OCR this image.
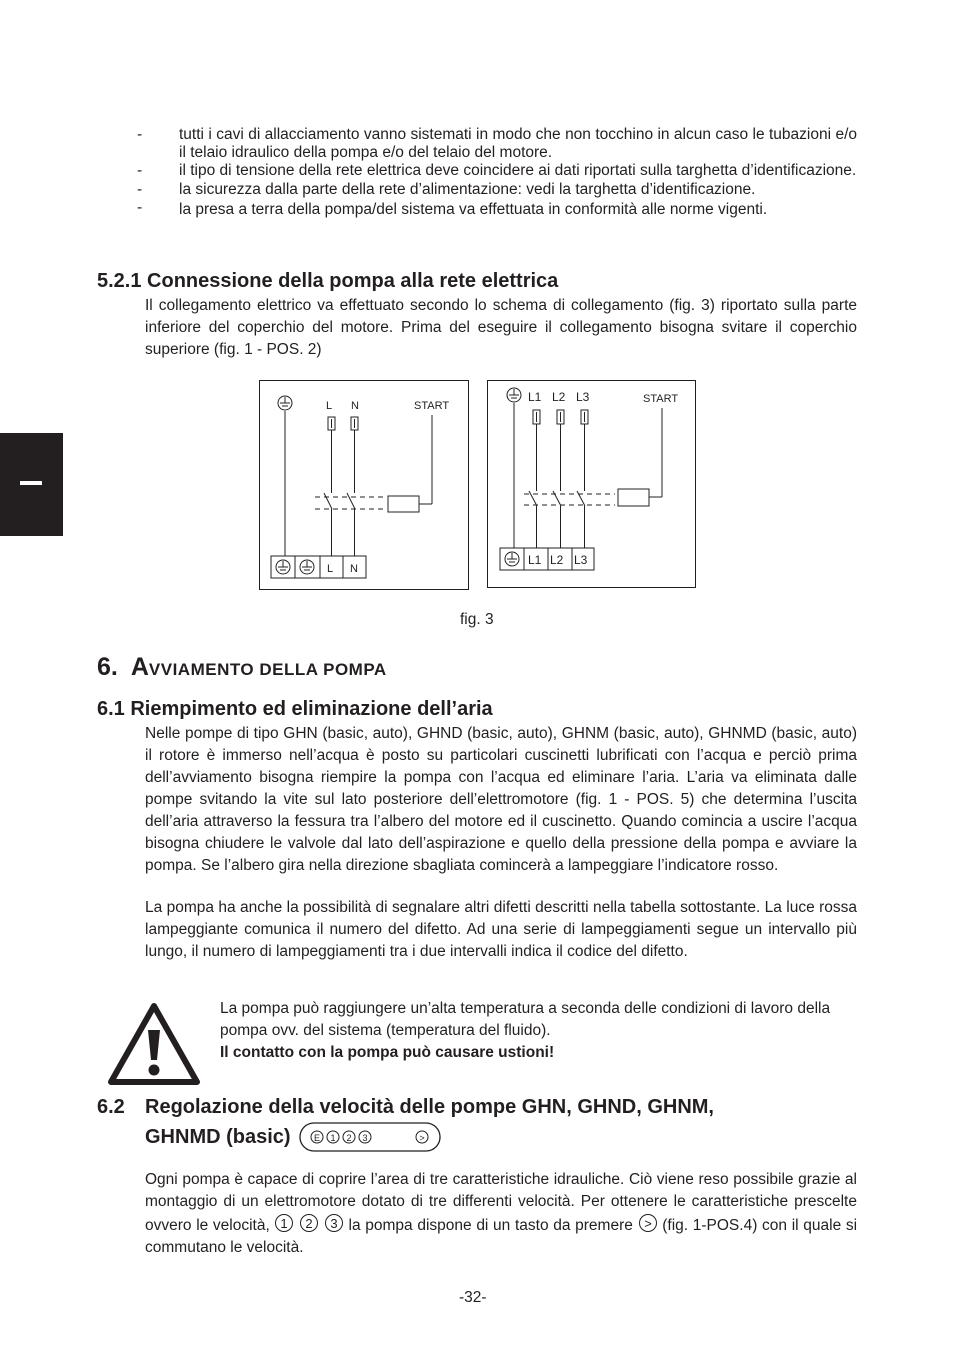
-	tutti i cavi di allacciamento vanno sistemati in modo che non tocchino in alcun caso le tubazioni e/o il telaio idraulico della pompa e/o del telaio del motore.
-	il tipo di tensione della rete elettrica deve coincidere ai dati riportati sulla targhetta d’identificazione.
-	la sicurezza dalla parte della rete d’alimentazione: vedi la targhetta d’identificazione.
-	la presa a terra della pompa/del sistema va effettuata in conformità alle norme vigenti.
5.2.1 Connessione della pompa alla rete elettrica
Il collegamento elettrico va effettuato secondo lo schema di collegamento (fig. 3) riportato sulla parte inferiore del coperchio del motore. Prima del eseguire il collegamento bisogna svitare il coperchio superiore (fig. 1 - POS. 2)
L N	START
L N
L1 L2 L3	START
L1 L2 L3
fig. 3
6. AVVIAMENTO DELLA POMPA
6.1 Riempimento ed eliminazione dell’aria
Nelle pompe di tipo GHN (basic, auto), GHND (basic, auto), GHNM (basic, auto), GHNMD (basic, auto) il rotore è immerso nell’acqua è posto su particolari cuscinetti lubrificati con l’acqua e perciò prima dell’avviamento bisogna riempire la pompa con l’acqua ed eliminare l’aria. L’aria va eliminata dalle pompe svitando la vite sul lato posteriore dell’elettromotore (fig. 1 - POS. 5) che determina l’uscita dell’aria attraverso la fessura tra l’albero del motore ed il cuscinetto. Quando comincia a uscire l’acqua bisogna chiudere le valvole dal lato dell’aspirazione e quello della pressione della pompa e avviare la pompa. Se l’albero gira nella direzione sbagliata comincerà a lampeggiare l’indicatore rosso.
La pompa ha anche la possibilità di segnalare altri difetti descritti nella tabella sottostante. La luce rossa lampeggiante comunica il numero del difetto. Ad una serie di lampeggiamenti segue un intervallo più lungo, il numero di lampeggiamenti tra i due intervalli indica il codice del difetto.
La pompa può raggiungere un’alta temperatura a seconda delle condizioni di lavoro della pompa ovv. del sistema (temperatura del fluido).
Il contatto con la pompa può causare ustioni!
6.2 Regolazione della velocità delle pompe GHN, GHND, GHNM,
GHNMD (basic)	E 1 2 3	>
Ogni pompa è capace di coprire l’area di tre caratteristiche idrauliche. Ciò viene reso possibile grazie al montaggio di un elettromotore dotato di tre differenti velocità. Per ottenere le caratteristiche prescelte ovvero le velocità, 1
2
3 la pompa dispone di un tasto da premere > (fig. 1-POS.4) con il quale si commutano le velocità.
-32-
